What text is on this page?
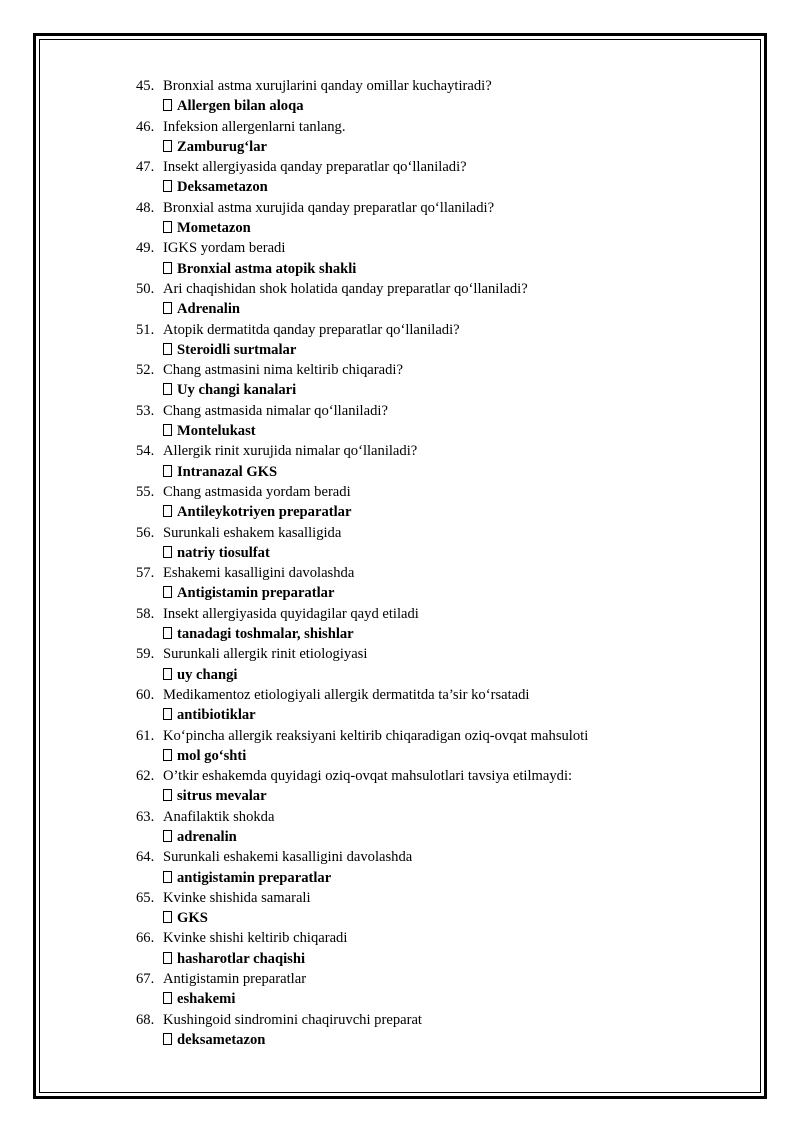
45. Bronxial astma xurujlarini qanday omillar kuchaytiradi?
Allergen bilan aloqa
46. Infeksion allergenlarni tanlang.
Zamburug‘lar
47. Insekt allergiyasida qanday preparatlar qo‘llaniladi?
Deksametazon
48. Bronxial astma xurujida qanday preparatlar qo‘llaniladi?
Mometazon
49. IGKS yordam beradi
Bronxial astma atopik shakli
50. Ari chaqishidan shok holatida qanday preparatlar qo‘llaniladi?
Adrenalin
51. Atopik dermatitda qanday preparatlar qo‘llaniladi?
Steroidli surtmalar
52. Chang astmasini nima keltirib chiqaradi?
Uy changi kanalari
53. Chang astmasida nimalar qo‘llaniladi?
Montelukast
54. Allergik rinit xurujida nimalar qo‘llaniladi?
Intranazal GKS
55. Chang astmasida yordam beradi
Antileykotriyen preparatlar
56. Surunkali eshakem kasalligida
natriy tiosulfat
57. Eshakemi kasalligini davolashda
Antigistamin preparatlar
58. Insekt allergiyasida quyidagilar qayd etiladi
tanadagi toshmalar, shishlar
59. Surunkali allergik rinit etiologiyasi
uy changi
60. Medikamentoz etiologiyali allergik dermatitda ta’sir ko‘rsatadi
antibiotiklar
61. Ko‘pincha allergik reaksiyani keltirib chiqaradigan oziq-ovqat mahsuloti
mol go‘shti
62. O’tkir eshakemda quyidagi oziq-ovqat mahsulotlari tavsiya etilmaydi:
sitrus mevalar
63. Anafilaktik shokda
adrenalin
64. Surunkali eshakemi kasalligini davolashda
antigistamin preparatlar
65. Kvinke shishida samarali
GKS
66. Kvinke shishi keltirib chiqaradi
hasharotlar chaqishi
67. Antigistamin preparatlar
eshakemi
68. Kushingoid sindromini chaqiruvchi preparat
deksametazon
